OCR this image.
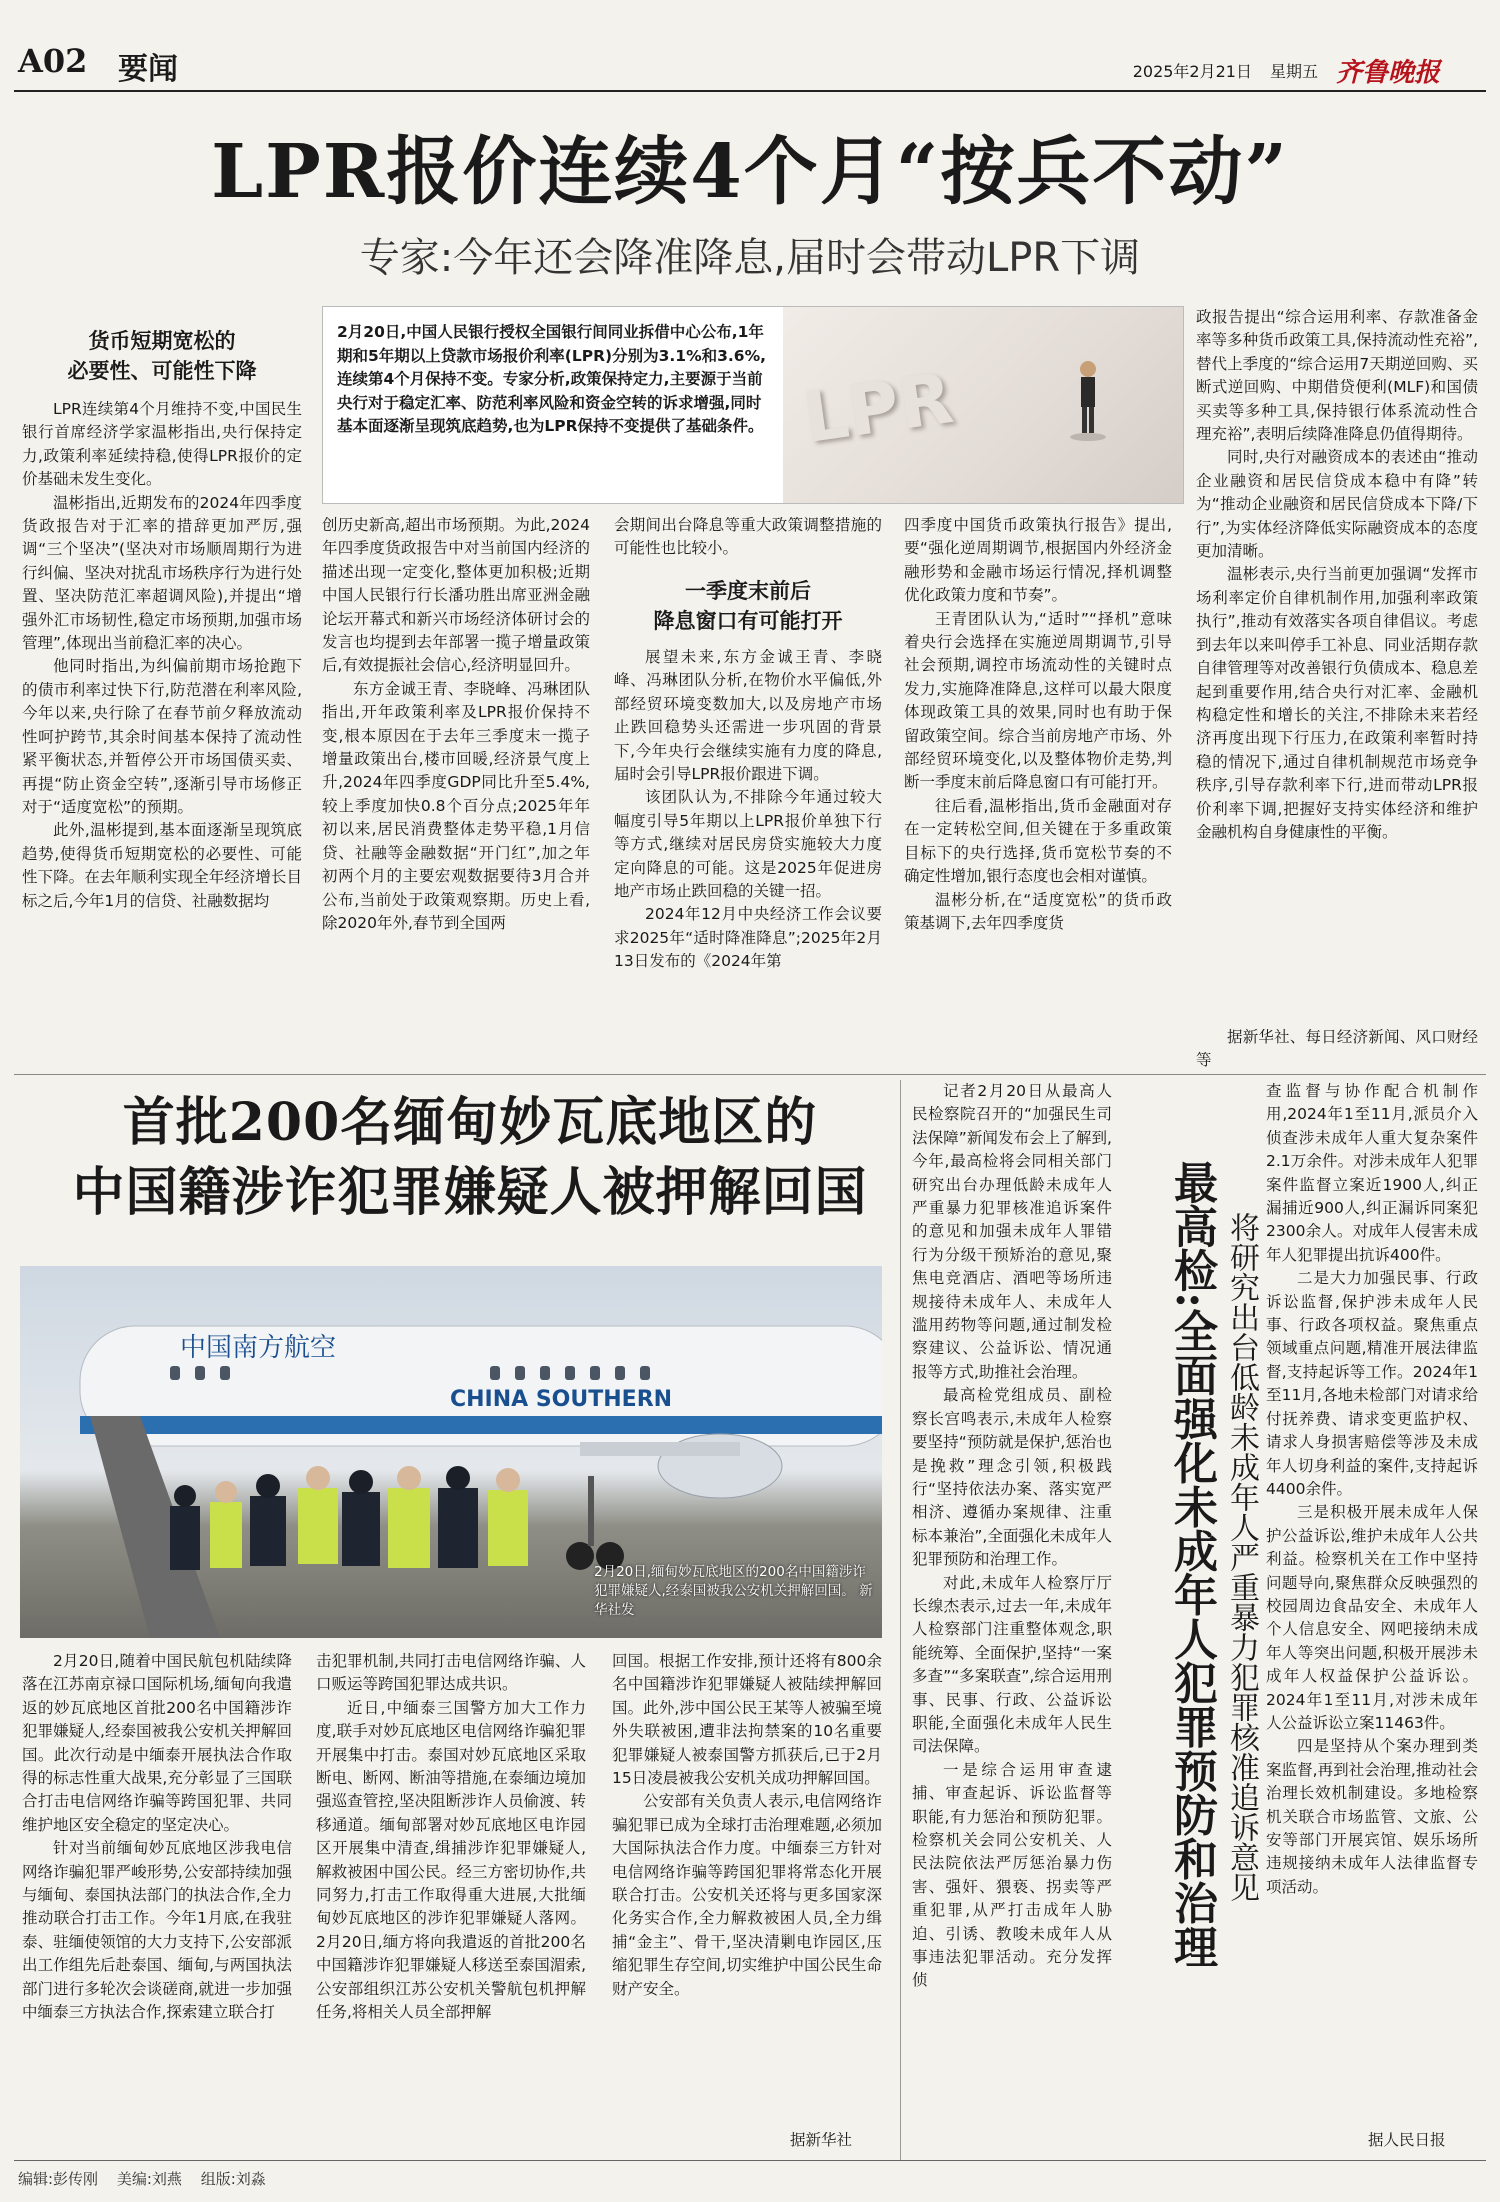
A02 要闻	2025年2月21日 星期五 齐鲁晚报
LPR报价连续4个月“按兵不动”
专家:今年还会降准降息,届时会带动LPR下调
货币短期宽松的
必要性、可能性下降

LPR连续第4个月维持不变,中国民生银行首席经济学家温彬指出,央行保持定力,政策利率延续持稳,使得LPR报价的定价基础未发生变化。

温彬指出,近期发布的2024年四季度货政报告对于汇率的措辞更加严厉,强调“三个坚决”(坚决对市场顺周期行为进行纠偏、坚决对扰乱市场秩序行为进行处置、坚决防范汇率超调风险),并提出“增强外汇市场韧性,稳定市场预期,加强市场管理”,体现出当前稳汇率的决心。

他同时指出,为纠偏前期市场抢跑下的债市利率过快下行,防范潜在利率风险,今年以来,央行除了在春节前夕释放流动性呵护跨节,其余时间基本保持了流动性紧平衡状态,并暂停公开市场国债买卖、再提“防止资金空转”,逐渐引导市场修正对于“适度宽松”的预期。

此外,温彬提到,基本面逐渐呈现筑底趋势,使得货币短期宽松的必要性、可能性下降。在去年顺利实现全年经济增长目标之后,今年1月的信贷、社融数据均

2月20日,中国人民银行授权全国银行间同业拆借中心公布,1年期和5年期以上贷款市场报价利率(LPR)分别为3.1%和3.6%,连续第4个月保持不变。专家分析,政策保持定力,主要源于当前央行对于稳定汇率、防范利率风险和资金空转的诉求增强,同时基本面逐渐呈现筑底趋势,也为LPR保持不变提供了基础条件。 LPR

创历史新高,超出市场预期。为此,2024年四季度货政报告中对当前国内经济的描述出现一定变化,整体更加积极;近期中国人民银行行长潘功胜出席亚洲金融论坛开幕式和新兴市场经济体研讨会的发言也均提到去年部署一揽子增量政策后,有效提振社会信心,经济明显回升。

东方金诚王青、李晓峰、冯琳团队指出,开年政策利率及LPR报价保持不变,根本原因在于去年三季度末一揽子增量政策出台,楼市回暖,经济景气度上升,2024年四季度GDP同比升至5.4%,较上季度加快0.8个百分点;2025年年初以来,居民消费整体走势平稳,1月信贷、社融等金融数据“开门红”,加之年初两个月的主要宏观数据要待3月合并公布,当前处于政策观察期。历史上看,除2020年外,春节到全国两

会期间出台降息等重大政策调整措施的可能性也比较小。

一季度末前后
降息窗口有可能打开

展望未来,东方金诚王青、李晓峰、冯琳团队分析,在物价水平偏低,外部经贸环境变数加大,以及房地产市场止跌回稳势头还需进一步巩固的背景下,今年央行会继续实施有力度的降息,届时会引导LPR报价跟进下调。

该团队认为,不排除今年通过较大幅度引导5年期以上LPR报价单独下行等方式,继续对居民房贷实施较大力度定向降息的可能。这是2025年促进房地产市场止跌回稳的关键一招。

2024年12月中央经济工作会议要求2025年“适时降准降息”;2025年2月13日发布的《2024年第

四季度中国货币政策执行报告》提出,要“强化逆周期调节,根据国内外经济金融形势和金融市场运行情况,择机调整优化政策力度和节奏”。

王青团队认为,“适时”“择机”意味着央行会选择在实施逆周期调节,引导社会预期,调控市场流动性的关键时点发力,实施降准降息,这样可以最大限度体现政策工具的效果,同时也有助于保留政策空间。综合当前房地产市场、外部经贸环境变化,以及整体物价走势,判断一季度末前后降息窗口有可能打开。

往后看,温彬指出,货币金融面对存在一定转松空间,但关键在于多重政策目标下的央行选择,货币宽松节奏的不确定性增加,银行态度也会相对谨慎。

温彬分析,在“适度宽松”的货币政策基调下,去年四季度货

政报告提出“综合运用利率、存款准备金率等多种货币政策工具,保持流动性充裕”,替代上季度的“综合运用7天期逆回购、买断式逆回购、中期借贷便利(MLF)和国债买卖等多种工具,保持银行体系流动性合理充裕”,表明后续降准降息仍值得期待。

同时,央行对融资成本的表述由“推动企业融资和居民信贷成本稳中有降”转为“推动企业融资和居民信贷成本下降/下行”,为实体经济降低实际融资成本的态度更加清晰。

温彬表示,央行当前更加强调“发挥市场利率定价自律机制作用,加强利率政策执行”,推动有效落实各项自律倡议。考虑到去年以来叫停手工补息、同业活期存款自律管理等对改善银行负债成本、稳息差起到重要作用,结合央行对汇率、金融机构稳定性和增长的关注,不排除未来若经济再度出现下行压力,在政策利率暂时持稳的情况下,通过自律机制规范市场竞争秩序,引导存款利率下行,进而带动LPR报价利率下调,把握好支持实体经济和维护金融机构自身健康性的平衡。

据新华社、每日经济新闻、风口财经等

首批200名缅甸妙瓦底地区的
中国籍涉诈犯罪嫌疑人被押解回国
中国南方航空
CHINA SOUTHERN
2月20日,缅甸妙瓦底地区的200名中国籍涉诈犯罪嫌疑人,经泰国被我公安机关押解回国。 新华社发

2月20日,随着中国民航包机陆续降落在江苏南京禄口国际机场,缅甸向我遣返的妙瓦底地区首批200名中国籍涉诈犯罪嫌疑人,经泰国被我公安机关押解回国。此次行动是中缅泰开展执法合作取得的标志性重大战果,充分彰显了三国联合打击电信网络诈骗等跨国犯罪、共同维护地区安全稳定的坚定决心。

针对当前缅甸妙瓦底地区涉我电信网络诈骗犯罪严峻形势,公安部持续加强与缅甸、泰国执法部门的执法合作,全力推动联合打击工作。今年1月底,在我驻泰、驻缅使领馆的大力支持下,公安部派出工作组先后赴泰国、缅甸,与两国执法部门进行多轮次会谈磋商,就进一步加强中缅泰三方执法合作,探索建立联合打

击犯罪机制,共同打击电信网络诈骗、人口贩运等跨国犯罪达成共识。

近日,中缅泰三国警方加大工作力度,联手对妙瓦底地区电信网络诈骗犯罪开展集中打击。泰国对妙瓦底地区采取断电、断网、断油等措施,在泰缅边境加强巡查管控,坚决阻断涉诈人员偷渡、转移通道。缅甸部署对妙瓦底地区电诈园区开展集中清查,缉捕涉诈犯罪嫌疑人,解救被困中国公民。经三方密切协作,共同努力,打击工作取得重大进展,大批缅甸妙瓦底地区的涉诈犯罪嫌疑人落网。2月20日,缅方将向我遣返的首批200名中国籍涉诈犯罪嫌疑人移送至泰国湄索,公安部组织江苏公安机关警航包机押解任务,将相关人员全部押解

回国。根据工作安排,预计还将有800余名中国籍涉诈犯罪嫌疑人被陆续押解回国。此外,涉中国公民王某等人被骗至境外失联被困,遭非法拘禁案的10名重要犯罪嫌疑人被泰国警方抓获后,已于2月15日凌晨被我公安机关成功押解回国。

公安部有关负责人表示,电信网络诈骗犯罪已成为全球打击治理难题,必须加大国际执法合作力度。中缅泰三方针对电信网络诈骗等跨国犯罪将常态化开展联合打击。公安机关还将与更多国家深化务实合作,全力解救被困人员,全力缉捕“金主”、骨干,坚决清剿电诈园区,压缩犯罪生存空间,切实维护中国公民生命财产安全。

据新华社

记者2月20日从最高人民检察院召开的“加强民生司法保障”新闻发布会上了解到,今年,最高检将会同相关部门研究出台办理低龄未成年人严重暴力犯罪核准追诉案件的意见和加强未成年人罪错行为分级干预矫治的意见,聚焦电竞酒店、酒吧等场所违规接待未成年人、未成年人滥用药物等问题,通过制发检察建议、公益诉讼、情况通报等方式,助推社会治理。

最高检党组成员、副检察长宫鸣表示,未成年人检察要坚持“预防就是保护,惩治也是挽救”理念引领,积极践行“坚持依法办案、落实宽严相济、遵循办案规律、注重标本兼治”,全面强化未成年人犯罪预防和治理工作。

对此,未成年人检察厅厅长缐杰表示,过去一年,未成年人检察部门注重整体观念,职能统筹、全面保护,坚持“一案多查”“多案联查”,综合运用刑事、民事、行政、公益诉讼职能,全面强化未成年人民生司法保障。

一是综合运用审查逮捕、审查起诉、诉讼监督等职能,有力惩治和预防犯罪。检察机关会同公安机关、人民法院依法严厉惩治暴力伤害、强奸、猥亵、拐卖等严重犯罪,从严打击成年人胁迫、引诱、教唆未成年人从事违法犯罪活动。充分发挥侦

最高检:全面强化未成年人犯罪预防和治理 将研究出台低龄未成年人严重暴力犯罪核准追诉意见

查监督与协作配合机制作用,2024年1至11月,派员介入侦查涉未成年人重大复杂案件2.1万余件。对涉未成年人犯罪案件监督立案近1900人,纠正漏捕近900人,纠正漏诉同案犯2300余人。对成年人侵害未成年人犯罪提出抗诉400件。

二是大力加强民事、行政诉讼监督,保护涉未成年人民事、行政各项权益。聚焦重点领域重点问题,精准开展法律监督,支持起诉等工作。2024年1至11月,各地未检部门对请求给付抚养费、请求变更监护权、请求人身损害赔偿等涉及未成年人切身利益的案件,支持起诉4400余件。

三是积极开展未成年人保护公益诉讼,维护未成年人公共利益。检察机关在工作中坚持问题导向,聚焦群众反映强烈的校园周边食品安全、未成年人个人信息安全、网吧接纳未成年人等突出问题,积极开展涉未成年人权益保护公益诉讼。2024年1至11月,对涉未成年人公益诉讼立案11463件。

四是坚持从个案办理到类案监督,再到社会治理,推动社会治理长效机制建设。多地检察机关联合市场监管、文旅、公安等部门开展宾馆、娱乐场所违规接纳未成年人法律监督专项活动。

据人民日报
编辑:彭传刚 美编:刘燕 组版:刘淼
